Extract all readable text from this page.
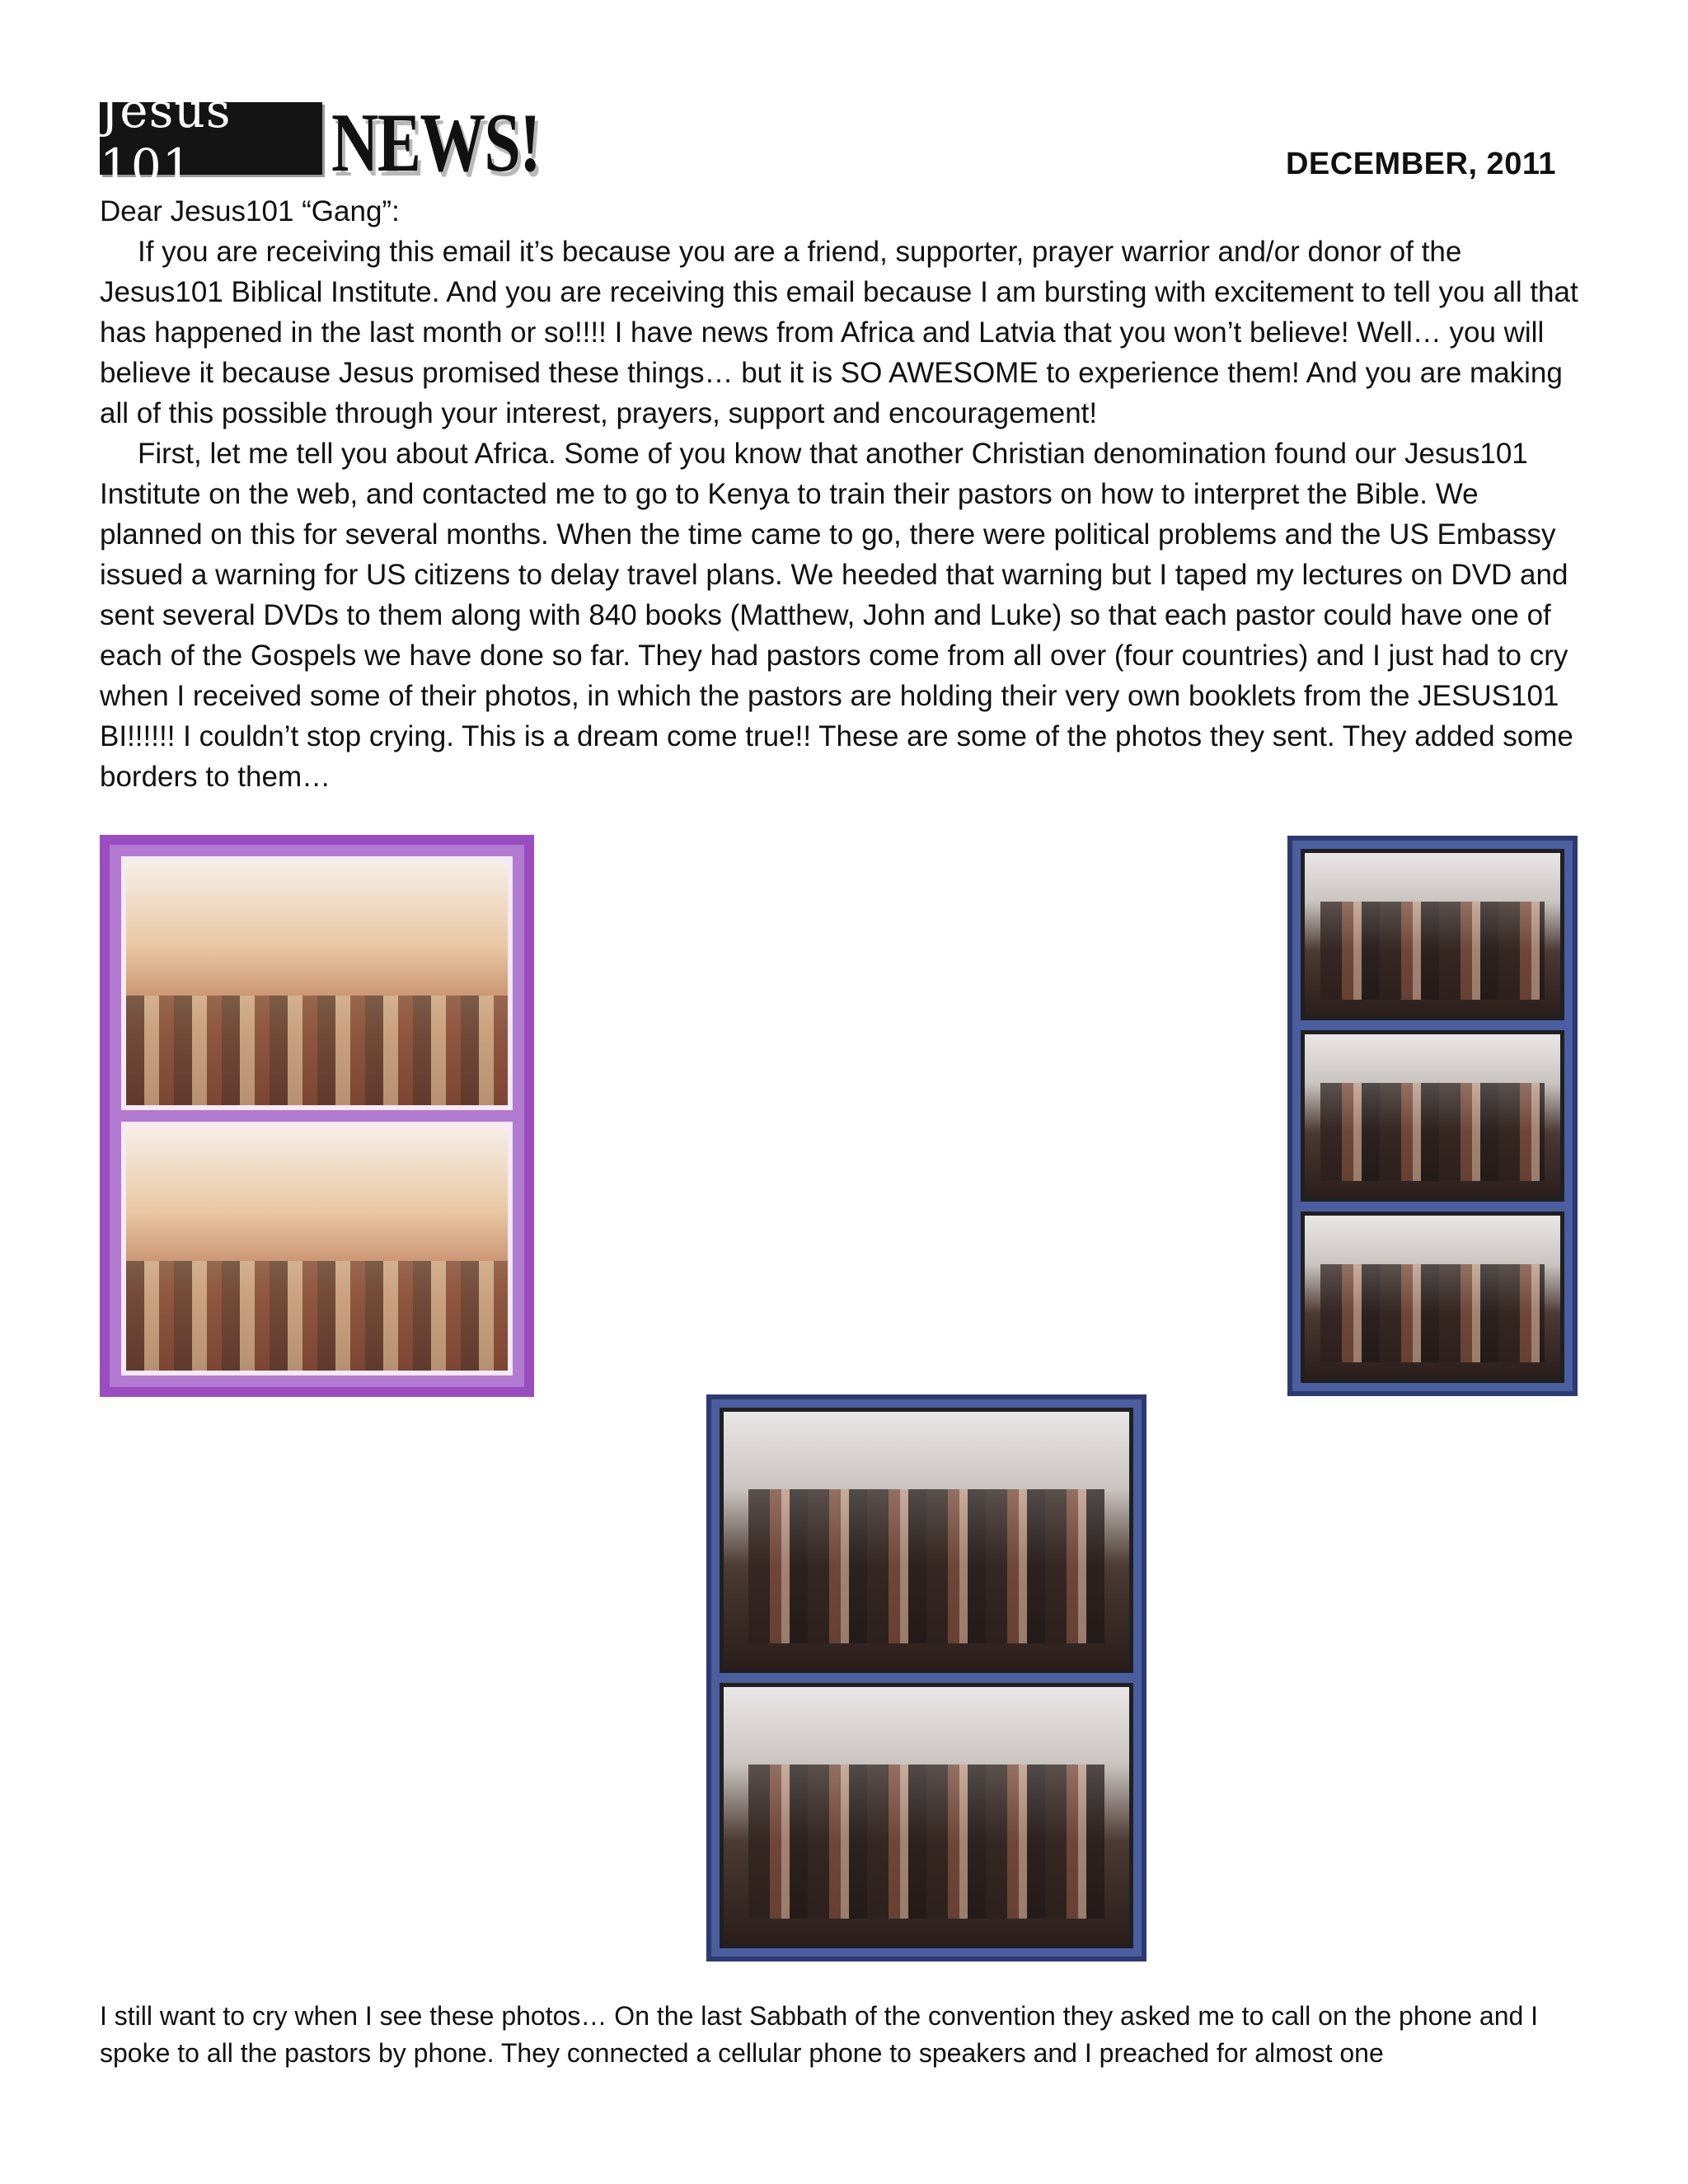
Jesus 101	NEWS!	DECEMBER, 2011

Dear Jesus101 “Gang”:

If you are receiving this email it’s because you are a friend, supporter, prayer warrior and/or donor of the Jesus101 Biblical Institute. And you are receiving this email because I am bursting with excitement to tell you all that has happened in the last month or so!!!! I have news from Africa and Latvia that you won’t believe! Well… you will believe it because Jesus promised these things… but it is SO AWESOME to experience them! And you are making all of this possible through your interest, prayers, support and encouragement!

First, let me tell you about Africa. Some of you know that another Christian denomination found our Jesus101 Institute on the web, and contacted me to go to Kenya to train their pastors on how to interpret the Bible. We planned on this for several months. When the time came to go, there were political problems and the US Embassy issued a warning for US citizens to delay travel plans. We heeded that warning but I taped my lectures on DVD and sent several DVDs to them along with 840 books (Matthew, John and Luke) so that each pastor could have one of each of the Gospels we have done so far. They had pastors come from all over (four countries) and I just had to cry when I received some of their photos, in which the pastors are holding their very own booklets from the JESUS101 BI!!!!!! I couldn’t stop crying. This is a dream come true!! These are some of the photos they sent. They added some borders to them…

I still want to cry when I see these photos… On the last Sabbath of the convention they asked me to call on the phone and I spoke to all the pastors by phone. They connected a cellular phone to speakers and I preached for almost one
